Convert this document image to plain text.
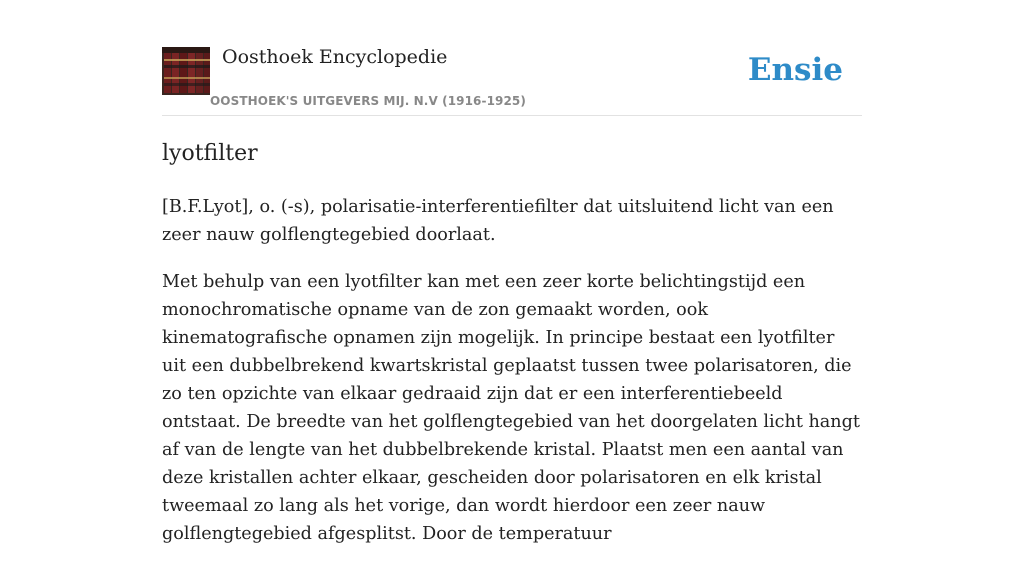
Oosthoek Encyclopedie
OOSTHOEK'S UITGEVERS MIJ. N.V (1916-1925)
Ensie
lyotfilter

[B.F.Lyot], o. (-s), polarisatie-interferentiefilter dat uitsluitend licht van een zeer nauw golflengtegebied doorlaat.

Met behulp van een lyotfilter kan met een zeer korte belichtingstijd een monochromatische opname van de zon gemaakt worden, ook kinematografische opnamen zijn mogelijk. In principe bestaat een lyotfilter uit een dubbelbrekend kwartskristal geplaatst tussen twee polarisatoren, die zo ten opzichte van elkaar gedraaid zijn dat er een interferentiebeeld ontstaat. De breedte van het golflengtegebied van het doorgelaten licht hangt af van de lengte van het dubbelbrekende kristal. Plaatst men een aantal van deze kristallen achter elkaar, gescheiden door polarisatoren en elk kristal tweemaal zo lang als het vorige, dan wordt hierdoor een zeer nauw golflengtegebied afgesplitst. Door de temperatuur
